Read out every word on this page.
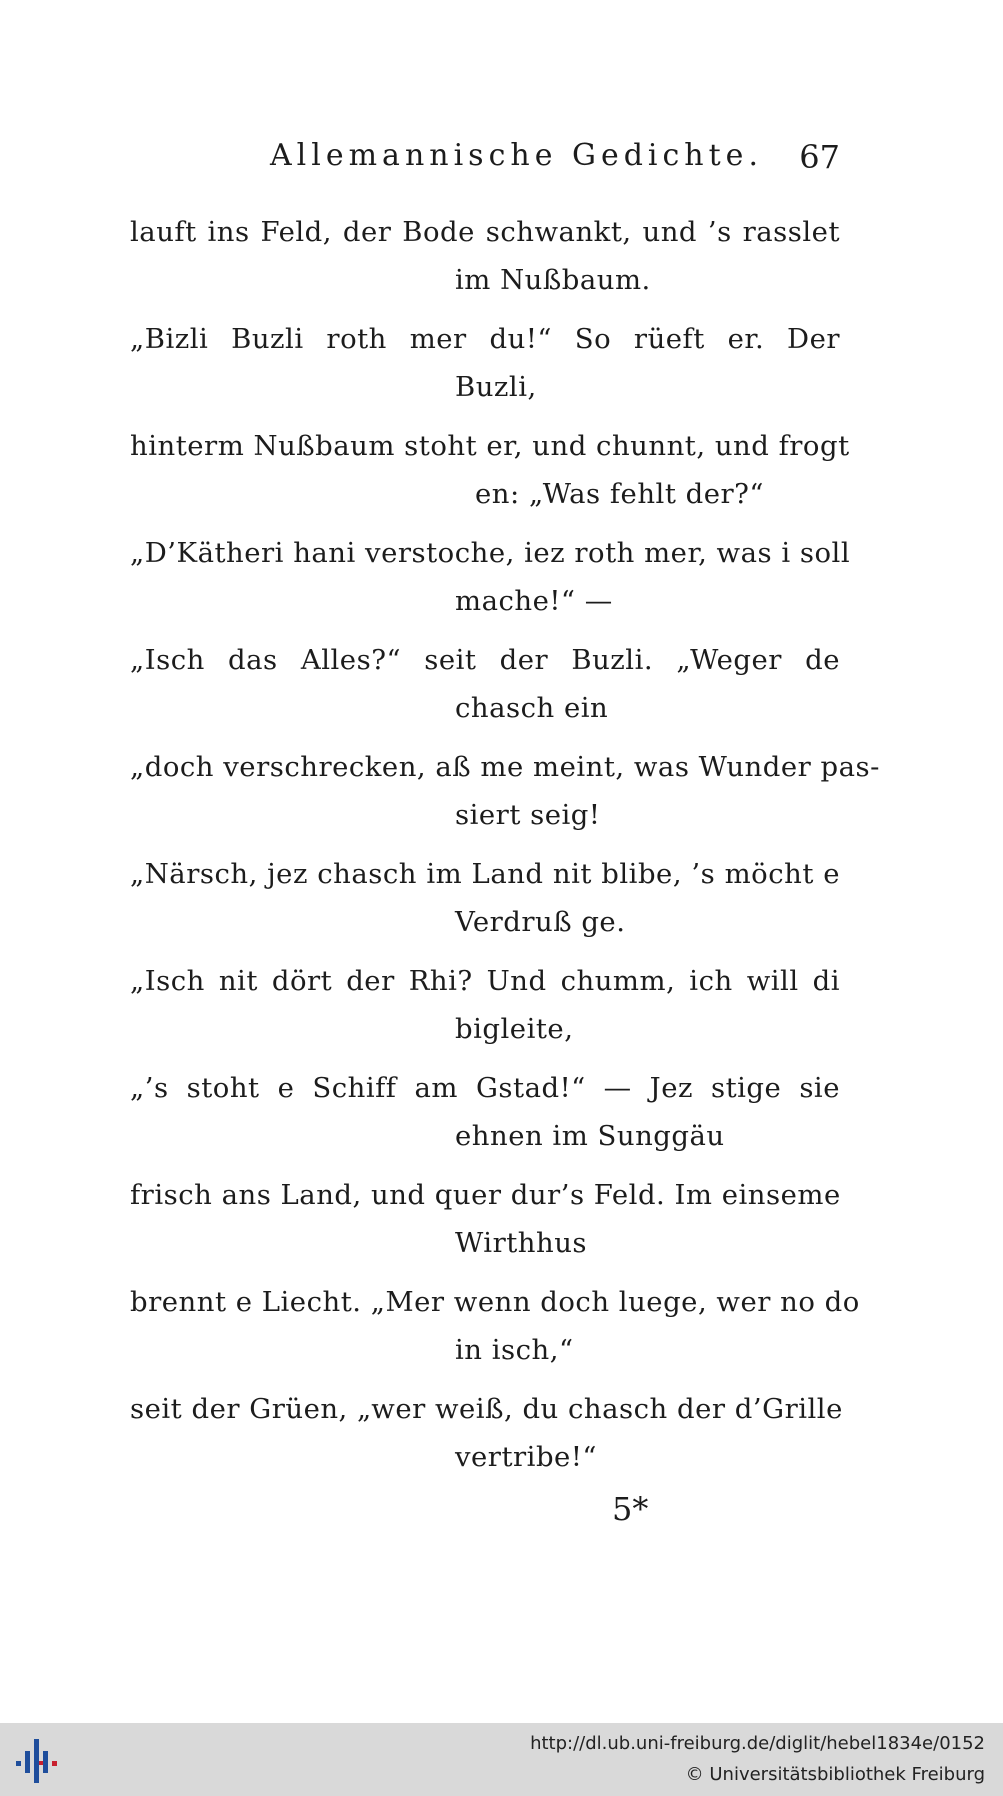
Allemannische Gedichte. 67
lauft ins Feld, der Bode schwankt, und ’s rasslet
im Nußbaum.
„Bizli Buzli roth mer du!“ So rüeft er. Der
Buzli,
hinterm Nußbaum stoht er, und chunnt, und frogt
en: „Was fehlt der?“
„D’Kätheri hani verstoche, iez roth mer, was i soll
mache!“ —
„Isch das Alles?“ seit der Buzli. „Weger de
chasch ein
„doch verschrecken, aß me meint, was Wunder pas-
siert seig!
„Närsch, jez chasch im Land nit blibe, ’s möcht e
Verdruß ge.
„Isch nit dört der Rhi? Und chumm, ich will di
bigleite,
„’s stoht e Schiff am Gstad!“ — Jez stige sie
ehnen im Sunggäu
frisch ans Land, und quer dur’s Feld. Im einseme
Wirthhus
brennt e Liecht. „Mer wenn doch luege, wer no do
in isch,“
seit der Grüen, „wer weiß, du chasch der d’Grille
vertribe!“
5*
http://dl.ub.uni-freiburg.de/diglit/hebel1834e/0152
© Universitätsbibliothek Freiburg
